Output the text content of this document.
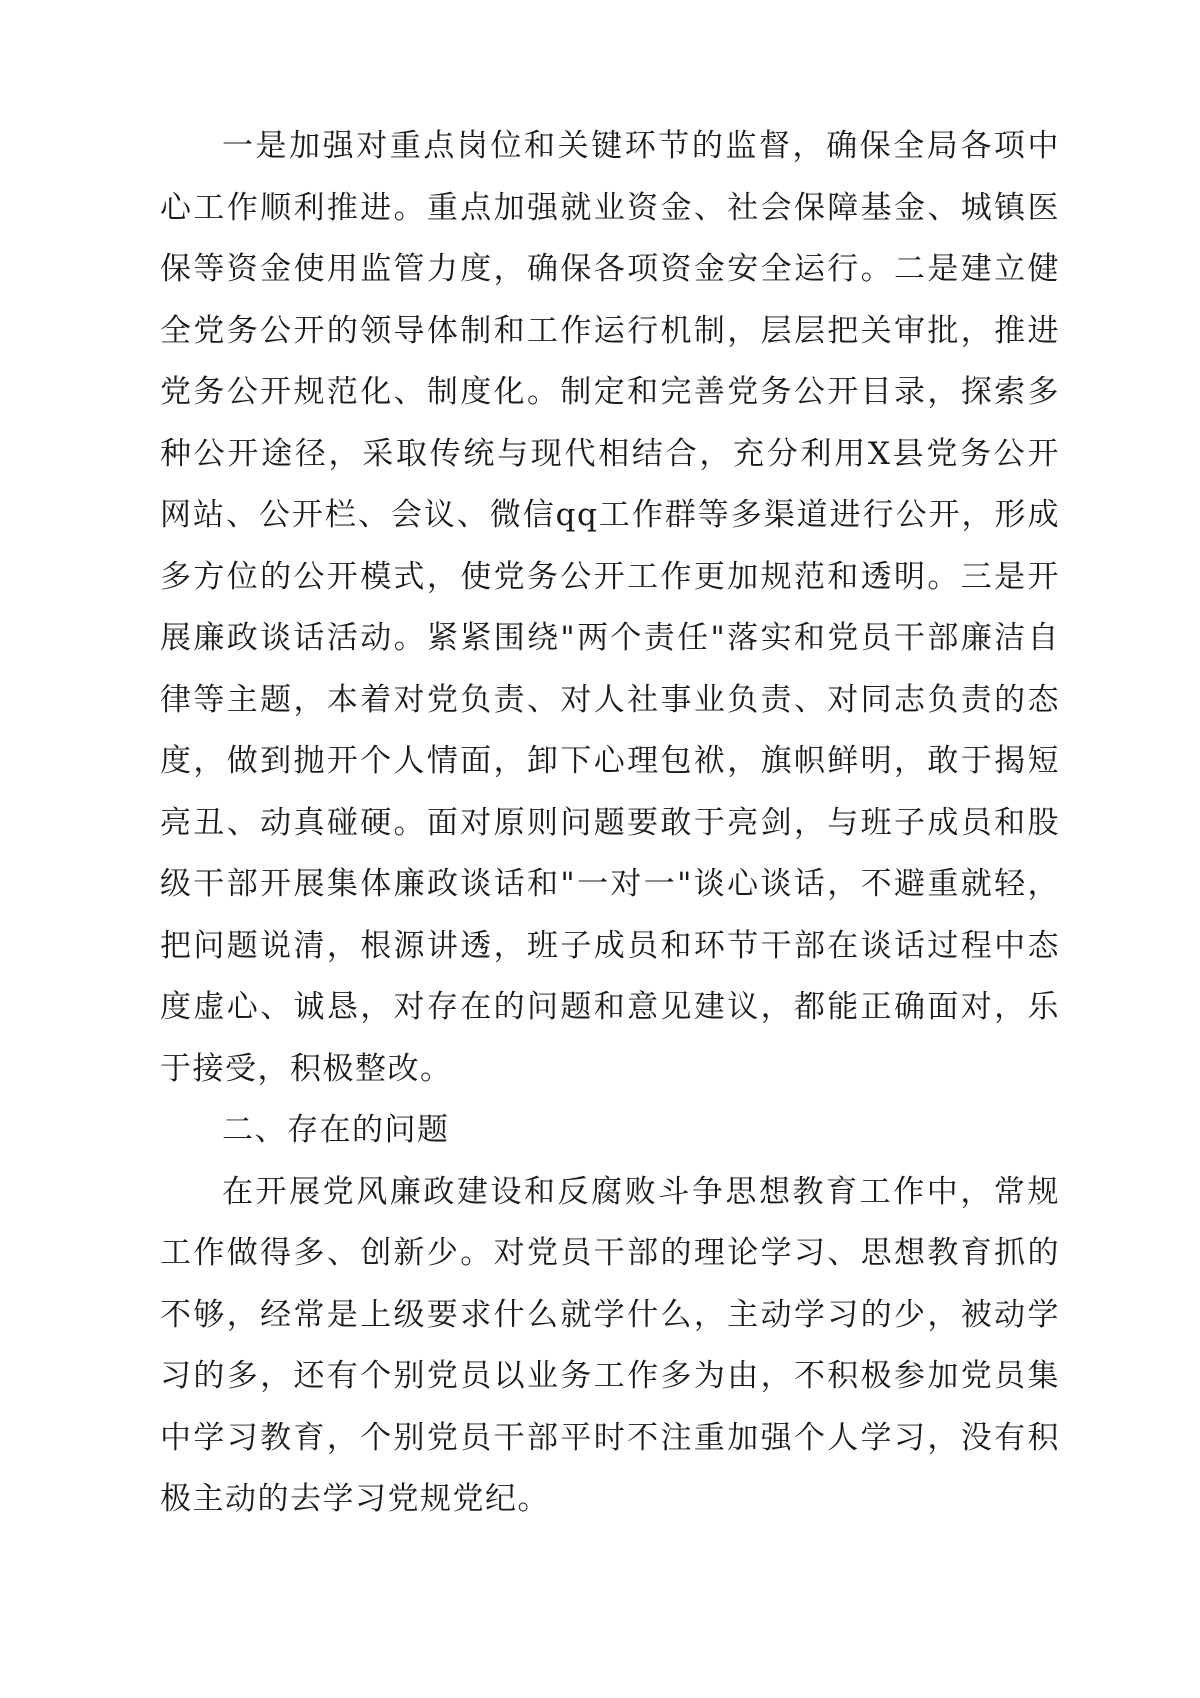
一是加强对重点岗位和关键环节的监督，确保全局各项中心工作顺利推进。重点加强就业资金、社会保障基金、城镇医保等资金使用监管力度，确保各项资金安全运行。二是建立健全党务公开的领导体制和工作运行机制，层层把关审批，推进党务公开规范化、制度化。制定和完善党务公开目录，探索多种公开途径，采取传统与现代相结合，充分利用X县党务公开网站、公开栏、会议、微信qq工作群等多渠道进行公开，形成多方位的公开模式，使党务公开工作更加规范和透明。三是开展廉政谈话活动。紧紧围绕"两个责任"落实和党员干部廉洁自律等主题，本着对党负责、对人社事业负责、对同志负责的态度，做到抛开个人情面，卸下心理包袱，旗帜鲜明，敢于揭短亮丑、动真碰硬。面对原则问题要敢于亮剑，与班子成员和股级干部开展集体廉政谈话和"一对一"谈心谈话，不避重就轻，把问题说清，根源讲透，班子成员和环节干部在谈话过程中态度虚心、诚恳，对存在的问题和意见建议，都能正确面对，乐于接受，积极整改。

二、存在的问题

在开展党风廉政建设和反腐败斗争思想教育工作中，常规工作做得多、创新少。对党员干部的理论学习、思想教育抓的不够，经常是上级要求什么就学什么，主动学习的少，被动学习的多，还有个别党员以业务工作多为由，不积极参加党员集中学习教育，个别党员干部平时不注重加强个人学习，没有积极主动的去学习党规党纪。
